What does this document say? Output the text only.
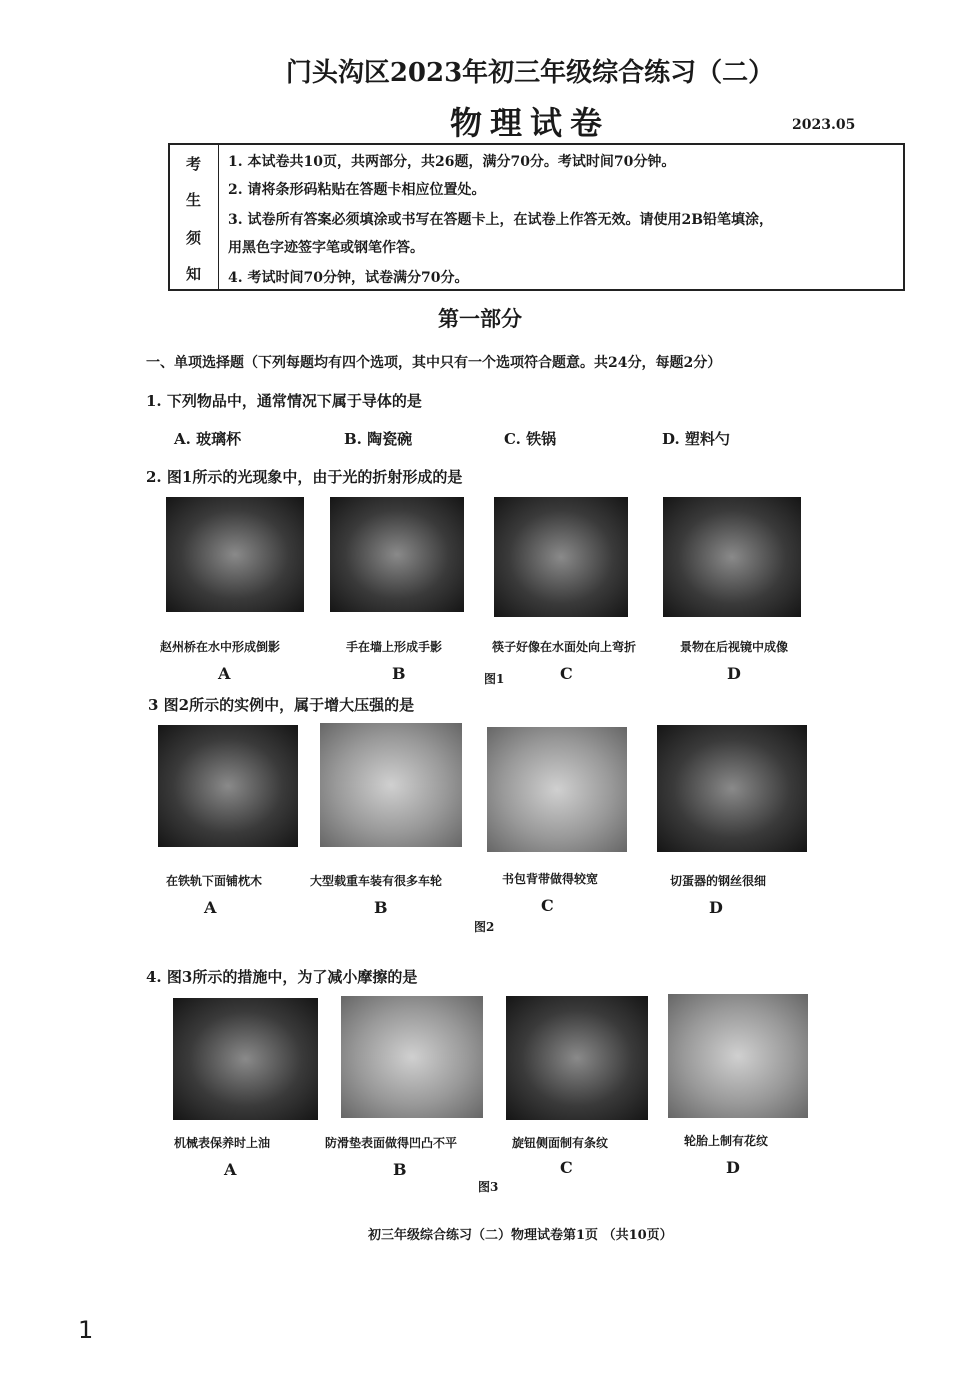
门头沟区2023年初三年级综合练习（二）
物理试卷	2023.05
考
生
须
知
1. 本试卷共10页，共两部分，共26题，满分70分。考试时间70分钟。
2. 请将条形码粘贴在答题卡相应位置处。
3. 试卷所有答案必须填涂或书写在答题卡上，在试卷上作答无效。请使用2B铅笔填涂，
用黑色字迹签字笔或钢笔作答。
4. 考试时间70分钟，试卷满分70分。
第一部分
一、单项选择题（下列每题均有四个选项，其中只有一个选项符合题意。共24分，每题2分）
1. 下列物品中，通常情况下属于导体的是
A. 玻璃杯	B. 陶瓷碗	C. 铁锅	D. 塑料勺
2. 图1所示的光现象中，由于光的折射形成的是
赵州桥在水中形成倒影	手在墙上形成手影	筷子好像在水面处向上弯折	景物在后视镜中成像
A	B	图1	C	D
3 图2所示的实例中，属于增大压强的是
在铁轨下面铺枕木	大型载重车装有很多车轮	书包背带做得较宽	切蛋器的钢丝很细
A	B	C	D
图2
4. 图3所示的措施中，为了减小摩擦的是
机械表保养时上油	防滑垫表面做得凹凸不平	旋钮侧面制有条纹	轮胎上制有花纹
A	B	C	D
图3
初三年级综合练习（二）物理试卷第1页 （共10页）
1
